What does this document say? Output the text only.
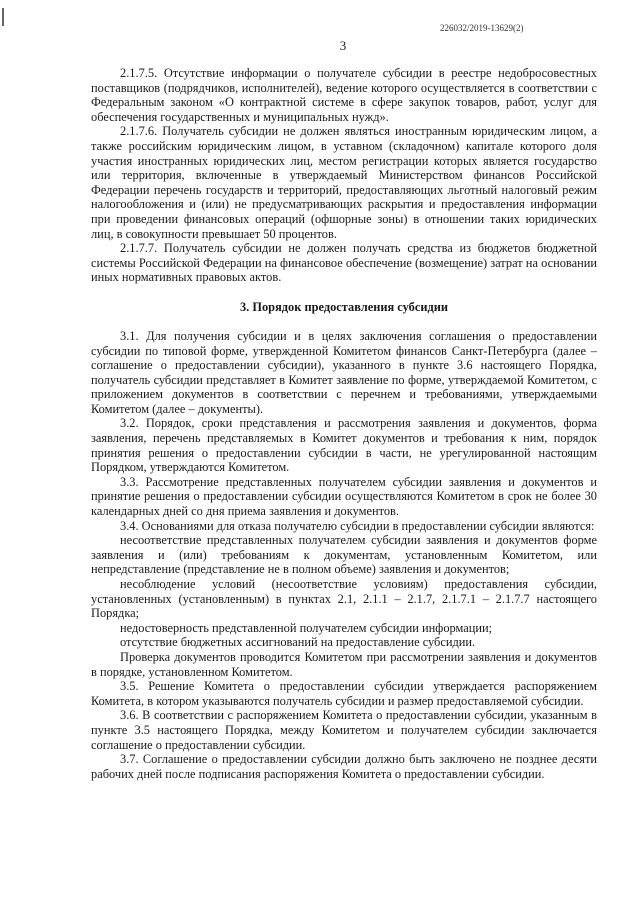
226032/2019-13629(2)
3

2.1.7.5. Отсутствие информации о получателе субсидии в реестре недобросовестных поставщиков (подрядчиков, исполнителей), ведение которого осуществляется в соответствии с Федеральным законом «О контрактной системе в сфере закупок товаров, работ, услуг для обеспечения государственных и муниципальных нужд».

2.1.7.6. Получатель субсидии не должен являться иностранным юридическим лицом, а также российским юридическим лицом, в уставном (складочном) капитале которого доля участия иностранных юридических лиц, местом регистрации которых является государство или территория, включенные в утверждаемый Министерством финансов Российской Федерации перечень государств и территорий, предоставляющих льготный налоговый режим налогообложения и (или) не предусматривающих раскрытия и предоставления информации при проведении финансовых операций (офшорные зоны) в отношении таких юридических лиц, в совокупности превышает 50 процентов.

2.1.7.7. Получатель субсидии не должен получать средства из бюджетов бюджетной системы Российской Федерации на финансовое обеспечение (возмещение) затрат на основании иных нормативных правовых актов.

3. Порядок предоставления субсидии

3.1. Для получения субсидии и в целях заключения соглашения о предоставлении субсидии по типовой форме, утвержденной Комитетом финансов Санкт-Петербурга (далее – соглашение о предоставлении субсидии), указанного в пункте 3.6 настоящего Порядка, получатель субсидии представляет в Комитет заявление по форме, утверждаемой Комитетом, с приложением документов в соответствии с перечнем и требованиями, утверждаемыми Комитетом (далее – документы).

3.2. Порядок, сроки представления и рассмотрения заявления и документов, форма заявления, перечень представляемых в Комитет документов и требования к ним, порядок принятия решения о предоставлении субсидии в части, не урегулированной настоящим Порядком, утверждаются Комитетом.

3.3. Рассмотрение представленных получателем субсидии заявления и документов и принятие решения о предоставлении субсидии осуществляются Комитетом в срок не более 30 календарных дней со дня приема заявления и документов.

3.4. Основаниями для отказа получателю субсидии в предоставлении субсидии являются:

несоответствие представленных получателем субсидии заявления и документов форме заявления и (или) требованиям к документам, установленным Комитетом, или непредставление (представление не в полном объеме) заявления и документов;

несоблюдение условий (несоответствие условиям) предоставления субсидии, установленных (установленным) в пунктах 2.1, 2.1.1 – 2.1.7, 2.1.7.1 – 2.1.7.7 настоящего Порядка;

недостоверность представленной получателем субсидии информации;

отсутствие бюджетных ассигнований на предоставление субсидии.

Проверка документов проводится Комитетом при рассмотрении заявления и документов в порядке, установленном Комитетом.

3.5. Решение Комитета о предоставлении субсидии утверждается распоряжением Комитета, в котором указываются получатель субсидии и размер предоставляемой субсидии.

3.6. В соответствии с распоряжением Комитета о предоставлении субсидии, указанным в пункте 3.5 настоящего Порядка, между Комитетом и получателем субсидии заключается соглашение о предоставлении субсидии.

3.7. Соглашение о предоставлении субсидии должно быть заключено не позднее десяти рабочих дней после подписания распоряжения Комитета о предоставлении субсидии.
